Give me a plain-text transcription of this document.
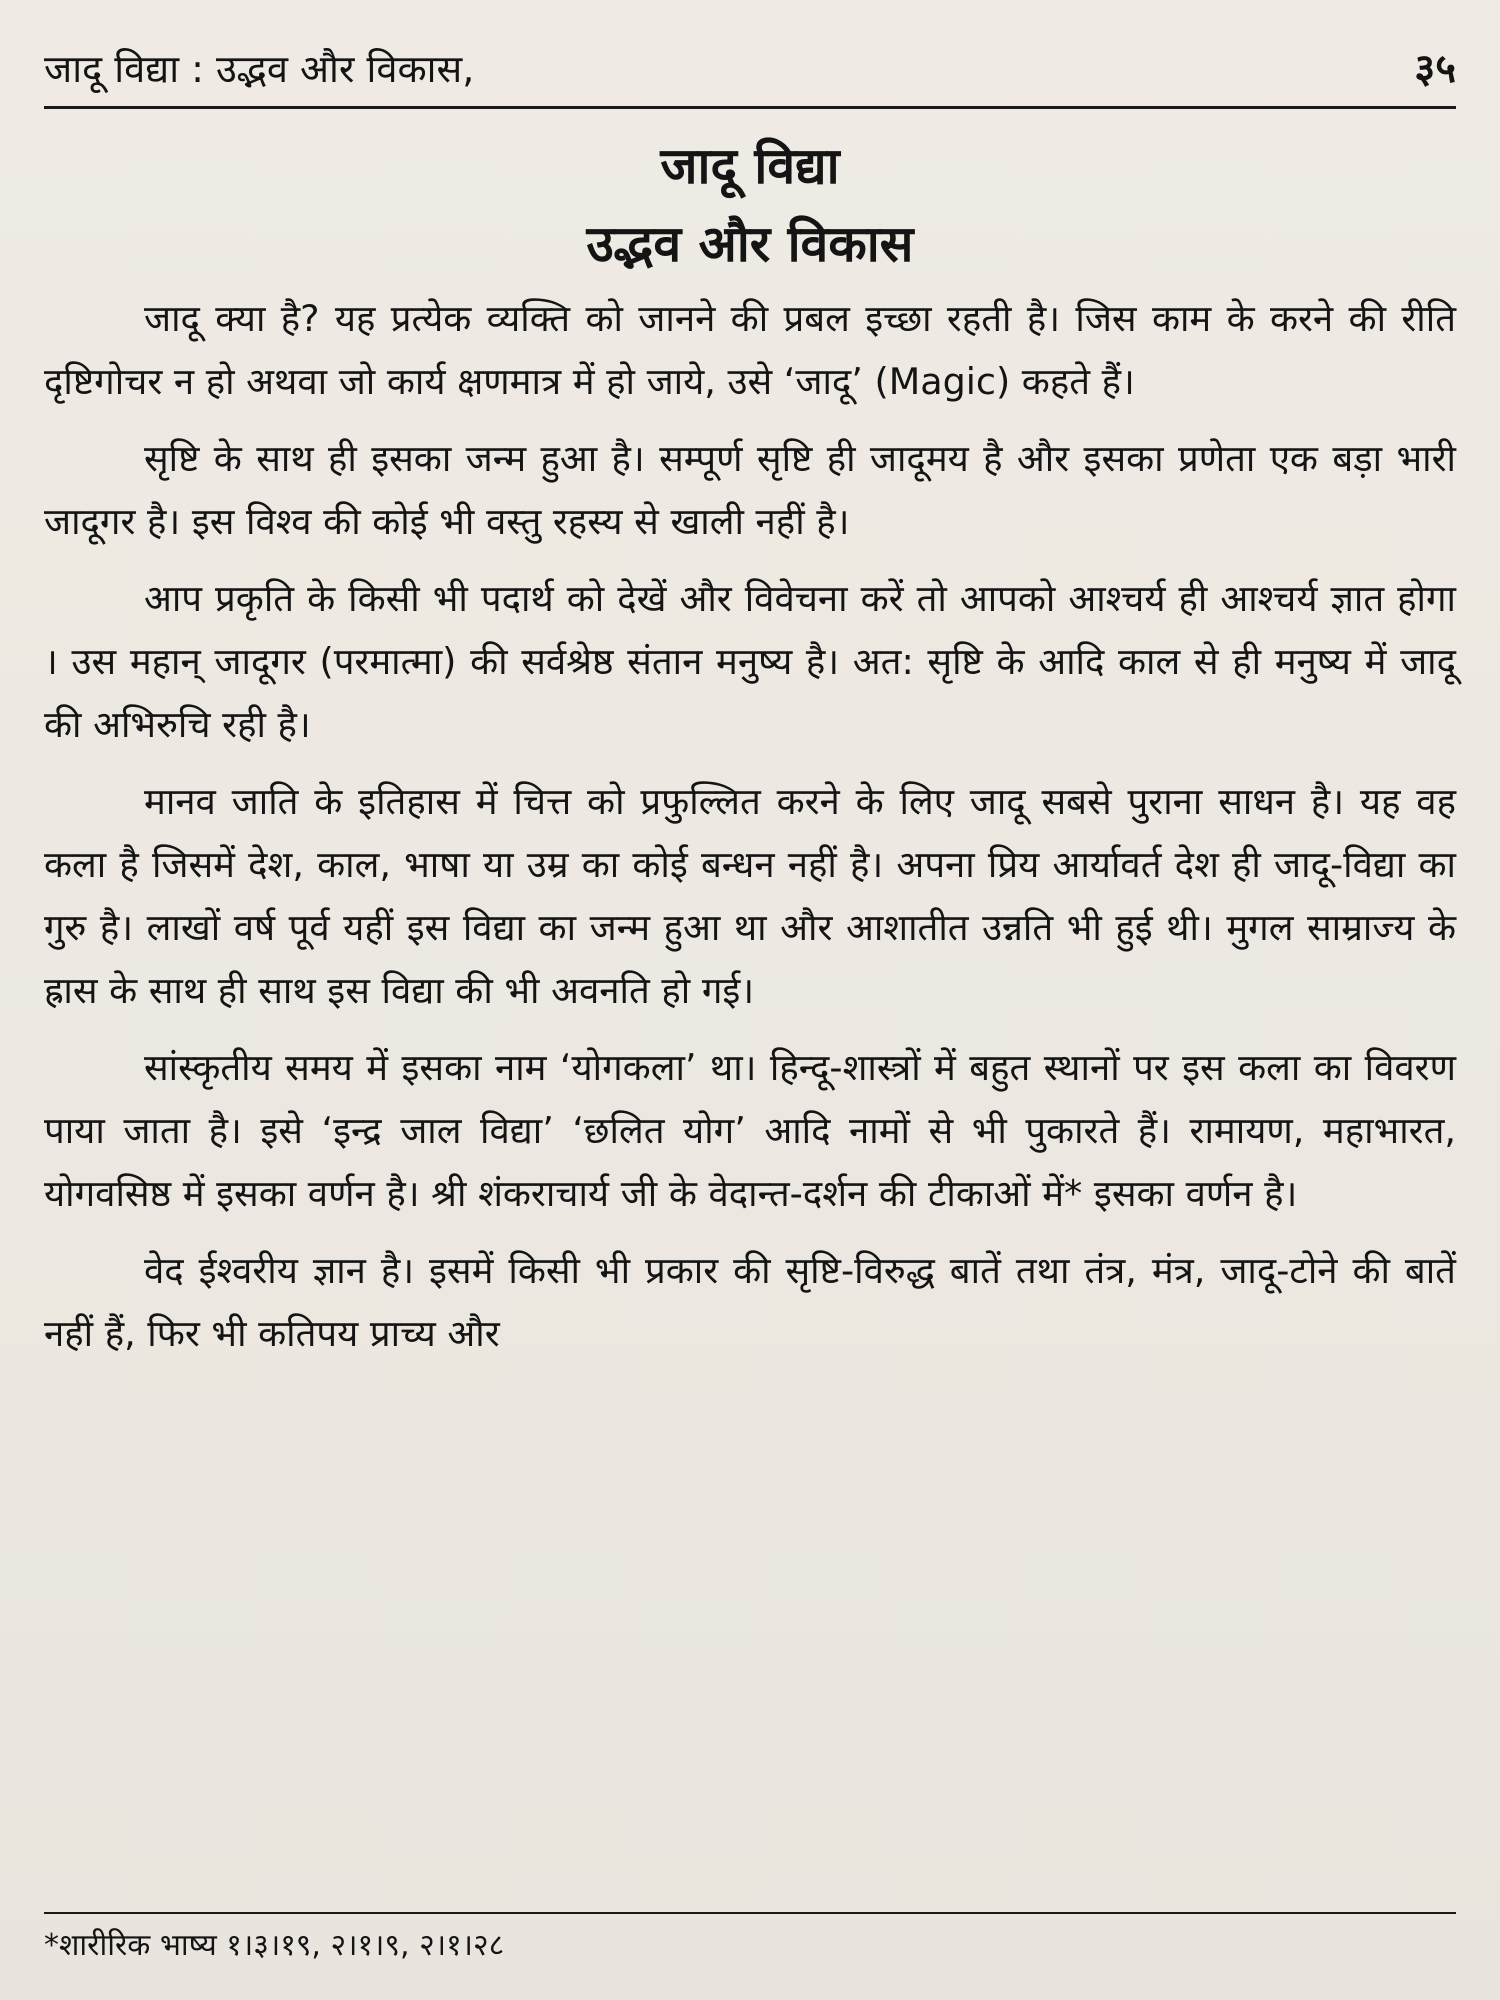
जादू विद्या : उद्भव और विकास,	३५
जादू विद्या
उद्भव और विकास

जादू क्या है? यह प्रत्येक व्यक्ति को जानने की प्रबल इच्छा रहती है। जिस काम के करने की रीति दृष्टिगोचर न हो अथवा जो कार्य क्षणमात्र में हो जाये, उसे ‘जादू’ (Magic) कहते हैं।

सृष्टि के साथ ही इसका जन्म हुआ है। सम्पूर्ण सृष्टि ही जादूमय है और इसका प्रणेता एक बड़ा भारी जादूगर है। इस विश्व की कोई भी वस्तु रहस्य से खाली नहीं है।

आप प्रकृति के किसी भी पदार्थ को देखें और विवेचना करें तो आपको आश्चर्य ही आश्चर्य ज्ञात होगा । उस महान् जादूगर (परमात्मा) की सर्वश्रेष्ठ संतान मनुष्य है। अत: सृष्टि के आदि काल से ही मनुष्य में जादू की अभिरुचि रही है।

मानव जाति के इतिहास में चित्त को प्रफुल्लित करने के लिए जादू सबसे पुराना साधन है। यह वह कला है जिसमें देश, काल, भाषा या उम्र का कोई बन्धन नहीं है। अपना प्रिय आर्यावर्त देश ही जादू-विद्या का गुरु है। लाखों वर्ष पूर्व यहीं इस विद्या का जन्म हुआ था और आशातीत उन्नति भी हुई थी। मुगल साम्राज्य के ह्रास के साथ ही साथ इस विद्या की भी अवनति हो गई।

सांस्कृतीय समय में इसका नाम ‘योगकला’ था। हिन्दू-शास्त्रों में बहुत स्थानों पर इस कला का विवरण पाया जाता है। इसे ‘इन्द्र जाल विद्या’ ‘छलित योग’ आदि नामों से भी पुकारते हैं। रामायण, महाभारत, योगवसिष्ठ में इसका वर्णन है। श्री शंकराचार्य जी के वेदान्त-दर्शन की टीकाओं में* इसका वर्णन है।

वेद ईश्वरीय ज्ञान है। इसमें किसी भी प्रकार की सृष्टि-विरुद्ध बातें तथा तंत्र, मंत्र, जादू-टोने की बातें नहीं हैं, फिर भी कतिपय प्राच्य और

*शारीरिक भाष्य १।३।१९, २।१।९, २।१।२८
